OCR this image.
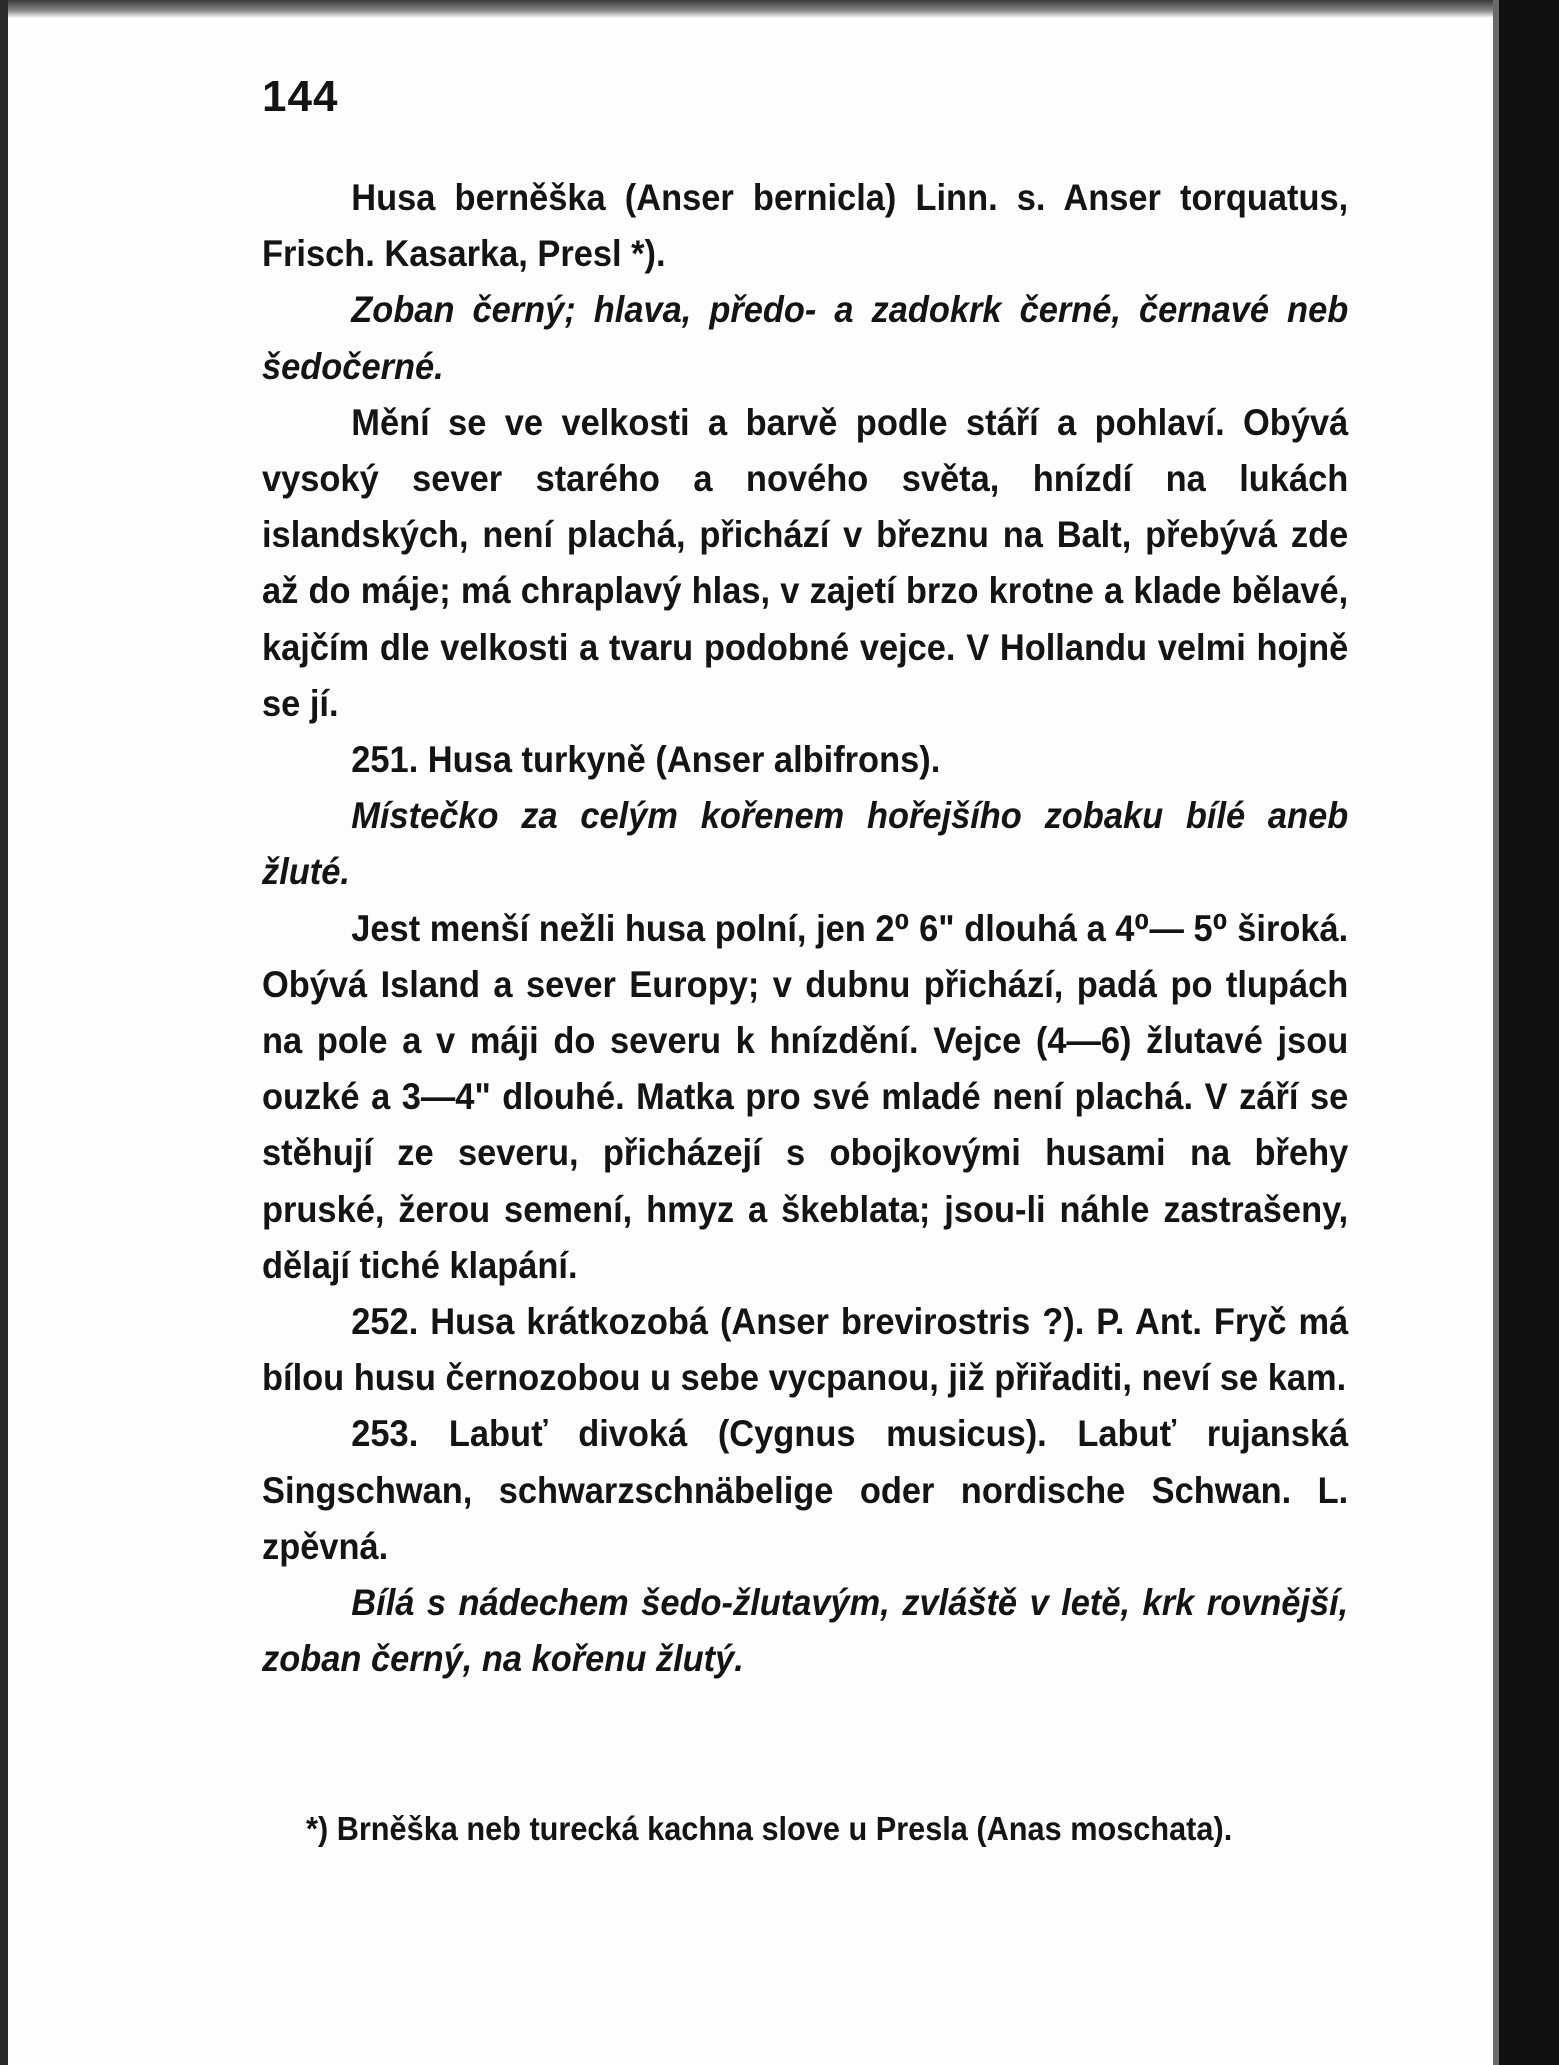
144

Husa berněška (Anser bernicla) Linn. s. Anser torquatus, Frisch. Kasarka, Presl *).

Zoban černý; hlava, předo- a zadokrk černé, černavé neb šedočerné.

Mění se ve velkosti a barvě podle stáří a pohlaví. Obývá vysoký sever starého a nového světa, hnízdí na lukách islandských, není plachá, přichází v březnu na Balt, přebývá zde až do máje; má chraplavý hlas, v zajetí brzo krotne a klade bělavé, kajčím dle velkosti a tvaru podobné vejce. V Hollandu velmi hojně se jí.

251. Husa turkyně (Anser albifrons).

Místečko za celým kořenem hořejšího zobaku bílé aneb žluté.

Jest menší nežli husa polní, jen 2⁰ 6" dlouhá a 4⁰— 5⁰ široká. Obývá Island a sever Europy; v dubnu přichází, padá po tlupách na pole a v máji do severu k hnízdění. Vejce (4—6) žlutavé jsou ouzké a 3—4" dlouhé. Matka pro své mladé není plachá. V září se stěhují ze severu, přicházejí s obojkovými husami na břehy pruské, žerou semení, hmyz a škeblata; jsou-li náhle zastrašeny, dělají tiché klapání.

252. Husa krátkozobá (Anser brevirostris ?). P. Ant. Fryč má bílou husu černozobou u sebe vycpanou, již přiřaditi, neví se kam.

253. Labuť divoká (Cygnus musicus). Labuť rujanská Singschwan, schwarzschnäbelige oder nordische Schwan. L. zpěvná.

Bílá s nádechem šedo-žlutavým, zvláště v letě, krk rovnější, zoban černý, na kořenu žlutý.

*) Brněška neb turecká kachna slove u Presla (Anas moschata).
